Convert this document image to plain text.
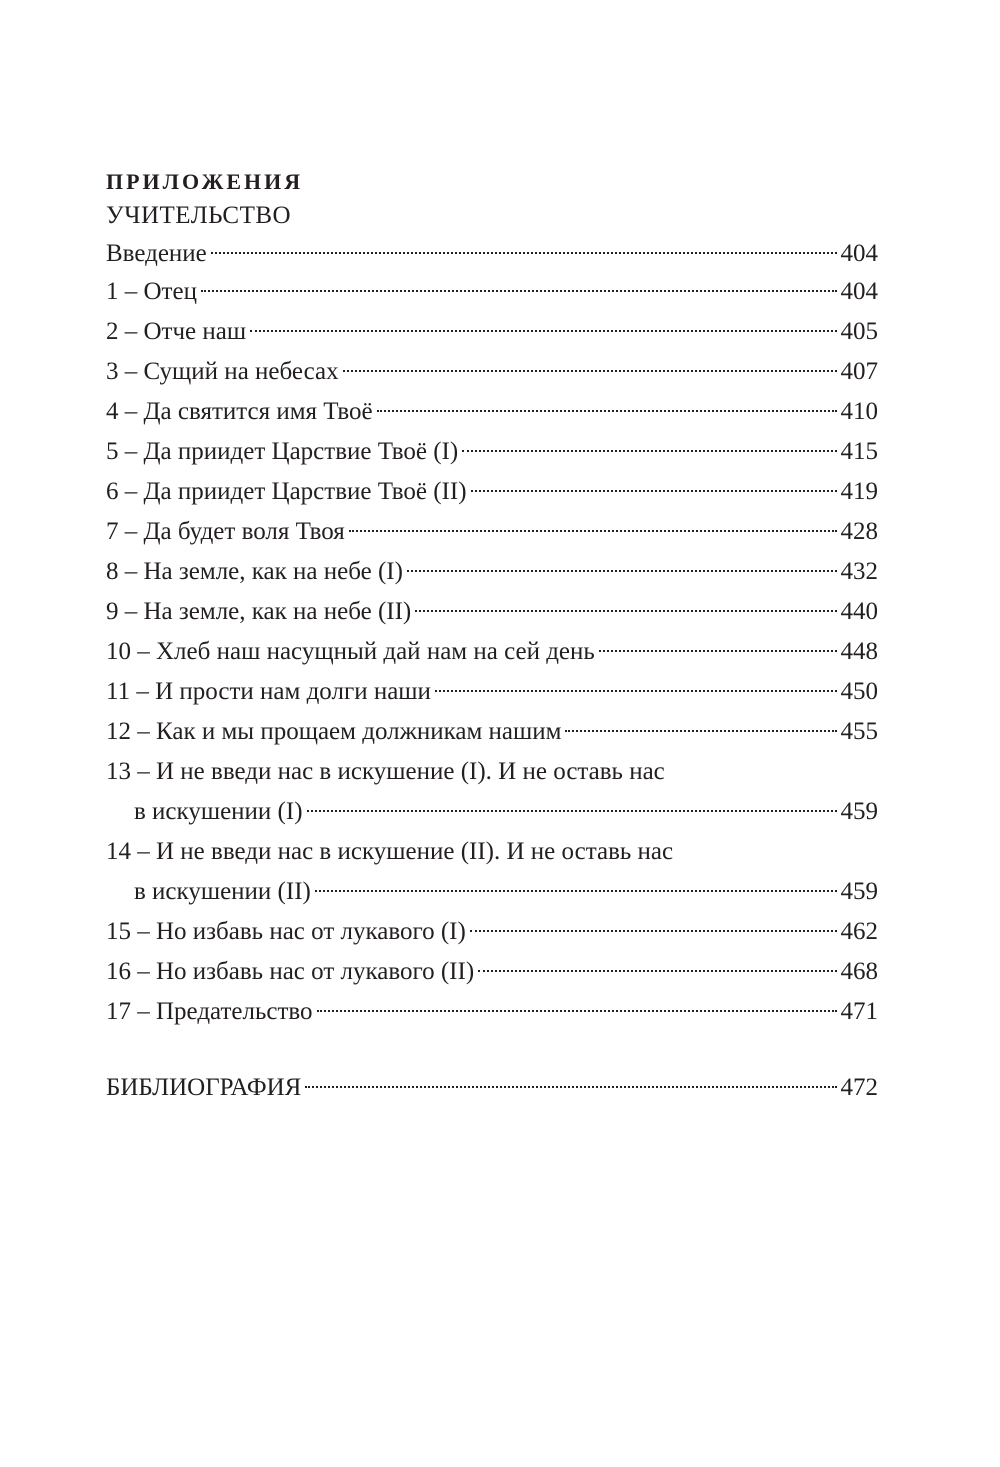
ПРИЛОЖЕНИЯ
УЧИТЕЛЬСТВО
Введение	404
1 – Отец	404
2 – Отче наш	405
3 – Сущий на небесах	407
4 – Да святится имя Твоё	410
5 – Да приидет Царствие Твоё (I)	415
6 – Да приидет Царствие Твоё (II)	419
7 – Да будет воля Твоя	428
8 – На земле, как на небе (I)	432
9 – На земле, как на небе (II)	440
10 – Хлеб наш насущный дай нам на сей день	448
11 – И прости нам долги наши	450
12 – Как и мы прощаем должникам нашим	455
13 – И не введи нас в искушение (I). И не оставь нас
в искушении (I)	459
14 – И не введи нас в искушение (II). И не оставь нас
в искушении (II)	459
15 – Но избавь нас от лукавого (I)	462
16 – Но избавь нас от лукавого (II)	468
17 – Предательство	471
БИБЛИОГРАФИЯ	472
